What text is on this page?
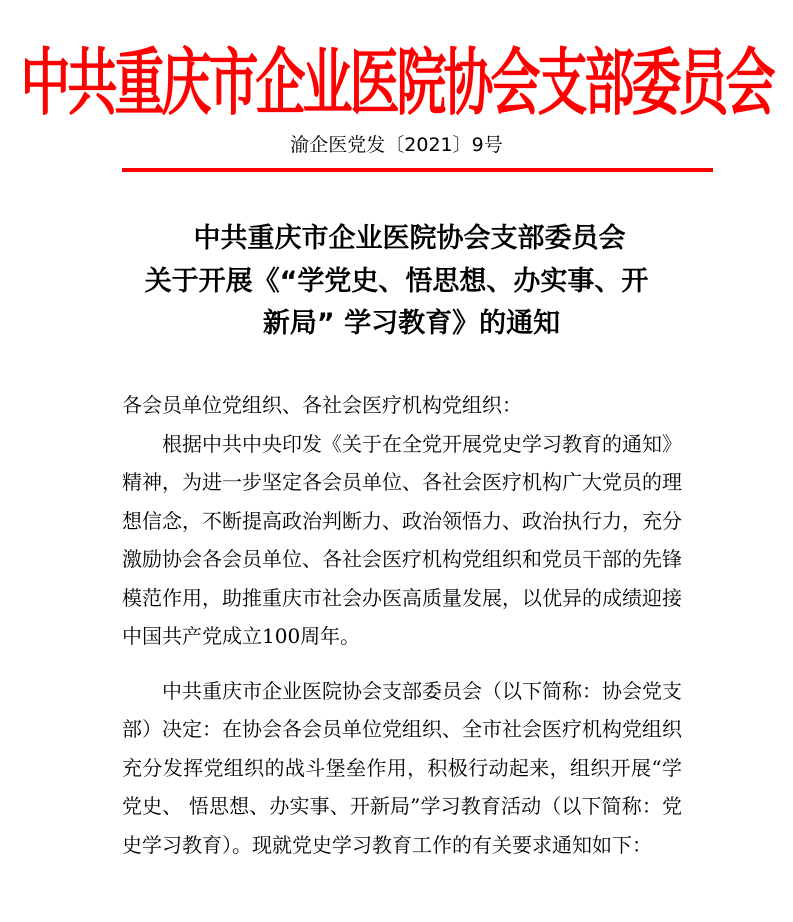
中共重庆市企业医院协会支部委员会
渝企医党发〔2021〕9号
中共重庆市企业医院协会支部委员会
关于开展《“学党史、悟思想、办实事、开
新局” 学习教育》的通知

各会员单位党组织、各社会医疗机构党组织：

根据中共中央印发《关于在全党开展党史学习教育的通知》精神，为进一步坚定各会员单位、各社会医疗机构广大党员的理想信念，不断提高政治判断力、政治领悟力、政治执行力，充分激励协会各会员单位、各社会医疗机构党组织和党员干部的先锋模范作用，助推重庆市社会办医高质量发展，以优异的成绩迎接中国共产党成立100周年。

中共重庆市企业医院协会支部委员会（以下简称：协会党支部）决定：在协会各会员单位党组织、全市社会医疗机构党组织充分发挥党组织的战斗堡垒作用，积极行动起来，组织开展“学党史、 悟思想、办实事、开新局”学习教育活动（以下简称：党史学习教育）。现就党史学习教育工作的有关要求通知如下：
